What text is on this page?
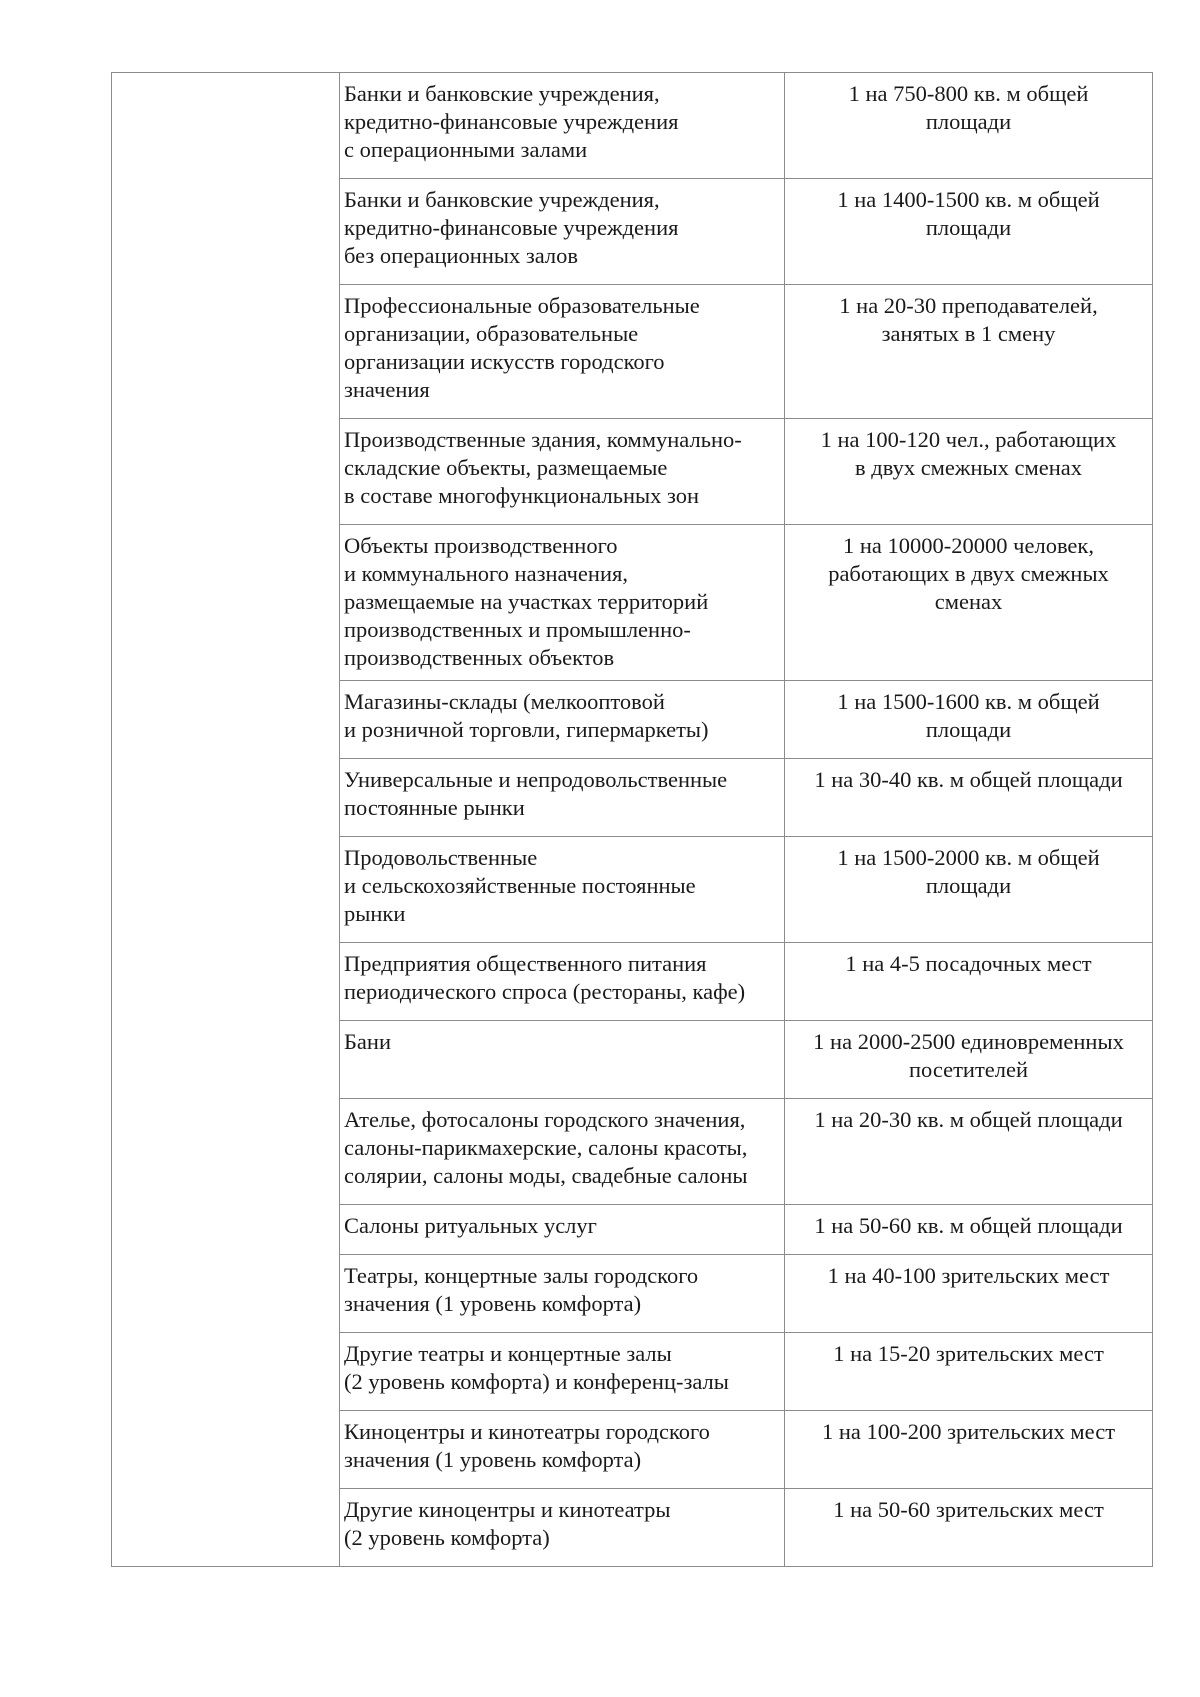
	Банки и банковские учреждения,
кредитно-финансовые учреждения
с операционными залами	1 на 750-800 кв. м общей
площади
	Банки и банковские учреждения,
кредитно-финансовые учреждения
без операционных залов	1 на 1400-1500 кв. м общей
площади
	Профессиональные образовательные
организации, образовательные
организации искусств городского
значения	1 на 20-30 преподавателей,
занятых в 1 смену
	Производственные здания, коммунально-
складские объекты, размещаемые
в составе многофункциональных зон	1 на 100-120 чел., работающих
в двух смежных сменах
	Объекты производственного
и коммунального назначения,
размещаемые на участках территорий
производственных и промышленно-
производственных объектов	1 на 10000-20000 человек,
работающих в двух смежных
сменах
	Магазины-склады (мелкооптовой
и розничной торговли, гипермаркеты)	1 на 1500-1600 кв. м общей
площади
	Универсальные и непродовольственные
постоянные рынки	1 на 30-40 кв. м общей площади
	Продовольственные
и сельскохозяйственные постоянные
рынки	1 на 1500-2000 кв. м общей
площади
	Предприятия общественного питания
периодического спроса (рестораны, кафе)	1 на 4-5 посадочных мест
	Бани	1 на 2000-2500 единовременных
посетителей
	Ателье, фотосалоны городского значения,
салоны-парикмахерские, салоны красоты,
солярии, салоны моды, свадебные салоны	1 на 20-30 кв. м общей площади
	Салоны ритуальных услуг	1 на 50-60 кв. м общей площади
	Театры, концертные залы городского
значения (1 уровень комфорта)	1 на 40-100 зрительских мест
	Другие театры и концертные залы
(2 уровень комфорта) и конференц-залы	1 на 15-20 зрительских мест
	Киноцентры и кинотеатры городского
значения (1 уровень комфорта)	1 на 100-200 зрительских мест
	Другие киноцентры и кинотеатры
(2 уровень комфорта)	1 на 50-60 зрительских мест
